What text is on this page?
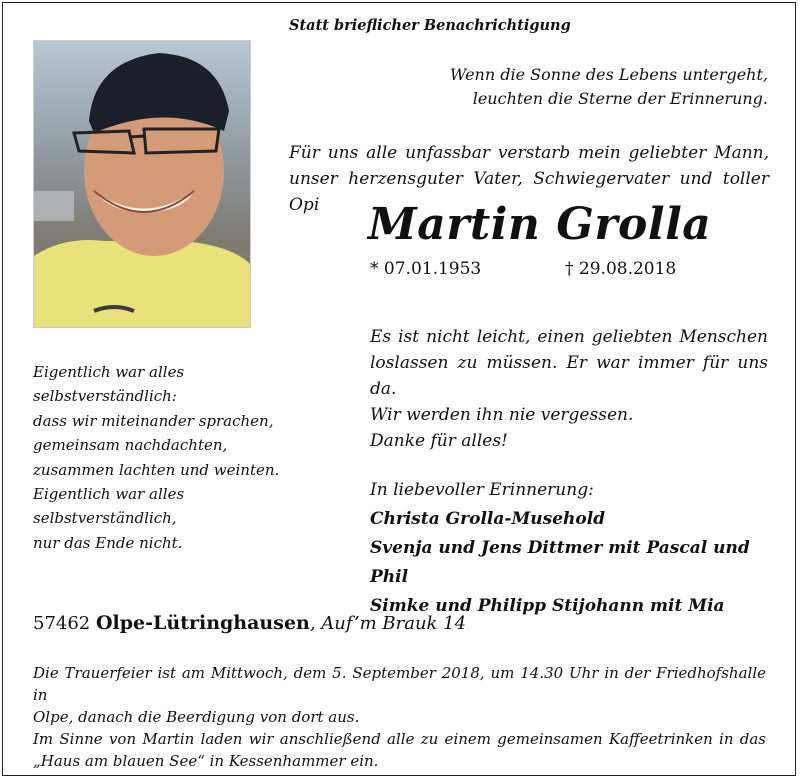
Statt brieflicher Benachrichtigung
Wenn die Sonne des Lebens untergeht,
leuchten die Sterne der Erinnerung.
Für uns alle unfassbar verstarb mein geliebter Mann,
unser herzensguter Vater, Schwiegervater und toller Opi	Martin Grolla
* 07.01.1953	† 29.08.2018
Eigentlich war alles
selbstverständlich:
dass wir miteinander sprachen,
gemeinsam nachdachten,
zusammen lachten und weinten.
Eigentlich war alles
selbstverständlich,
nur das Ende nicht.
Es ist nicht leicht, einen geliebten Menschen
loslassen zu müssen. Er war immer für uns da.
Wir werden ihn nie vergessen.
Danke für alles!
In liebevoller Erinnerung:
Christa Grolla-Musehold
Svenja und Jens Dittmer mit Pascal und Phil
Simke und Philipp Stijohann mit Mia
57462 Olpe-Lütringhausen, Auf’m Brauk 14
Die Trauerfeier ist am Mittwoch, dem 5. September 2018, um 14.30 Uhr in der Friedhofshalle in
Olpe, danach die Beerdigung von dort aus.
Im Sinne von Martin laden wir anschließend alle zu einem gemeinsamen Kaffeetrinken in das
„Haus am blauen See“ in Kessenhammer ein.
